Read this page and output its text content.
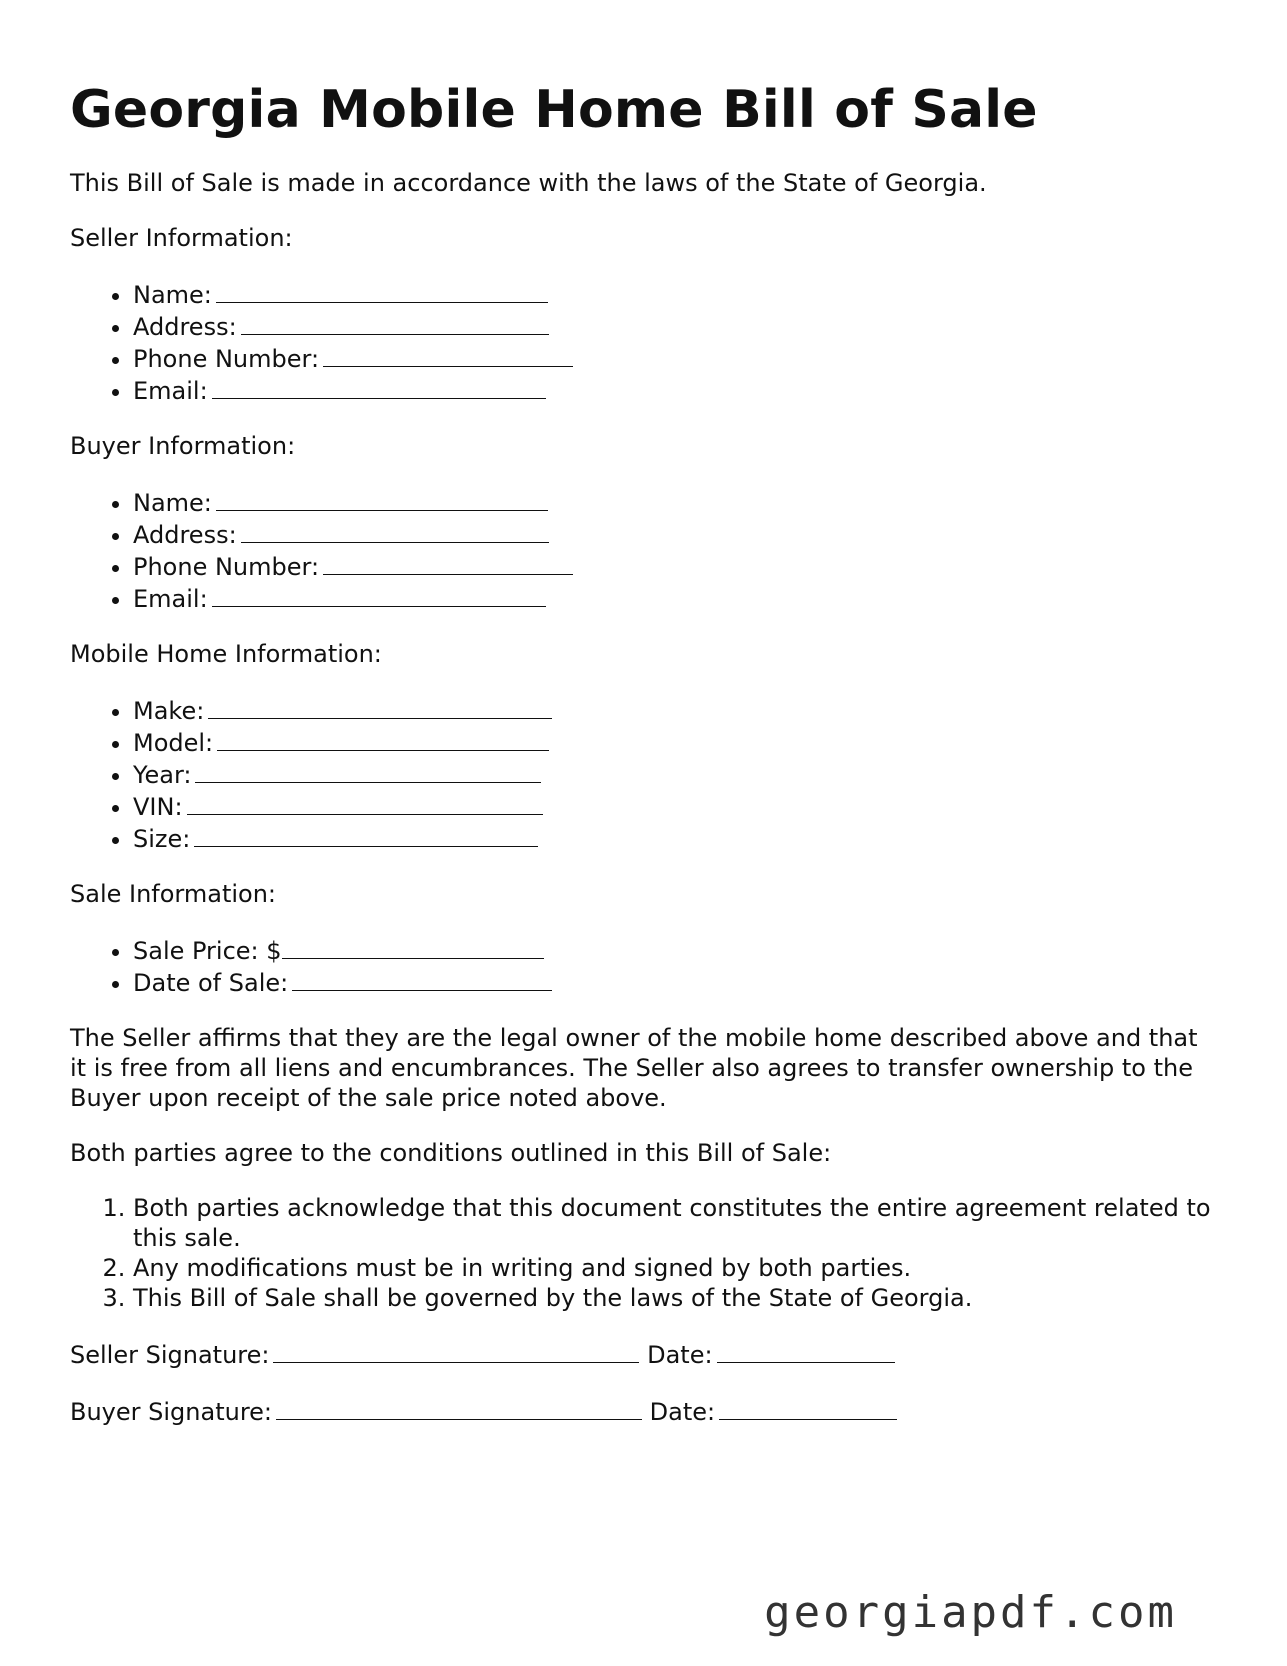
Georgia Mobile Home Bill of Sale

This Bill of Sale is made in accordance with the laws of the State of Georgia.

Seller Information:

• Name:
• Address:
• Phone Number:
• Email:

Buyer Information:

• Name:
• Address:
• Phone Number:
• Email:

Mobile Home Information:

• Make:
• Model:
• Year:
• VIN:
• Size:

Sale Information:

• Sale Price: $
• Date of Sale:

The Seller affirms that they are the legal owner of the mobile home described above and that it is free from all liens and encumbrances. The Seller also agrees to transfer ownership to the Buyer upon receipt of the sale price noted above.

Both parties agree to the conditions outlined in this Bill of Sale:

1. Both parties acknowledge that this document constitutes the entire agreement related to this sale.
2. Any modifications must be in writing and signed by both parties.
3. This Bill of Sale shall be governed by the laws of the State of Georgia.
Seller Signature:	Date:
Buyer Signature:	Date:
georgiapdf.com
